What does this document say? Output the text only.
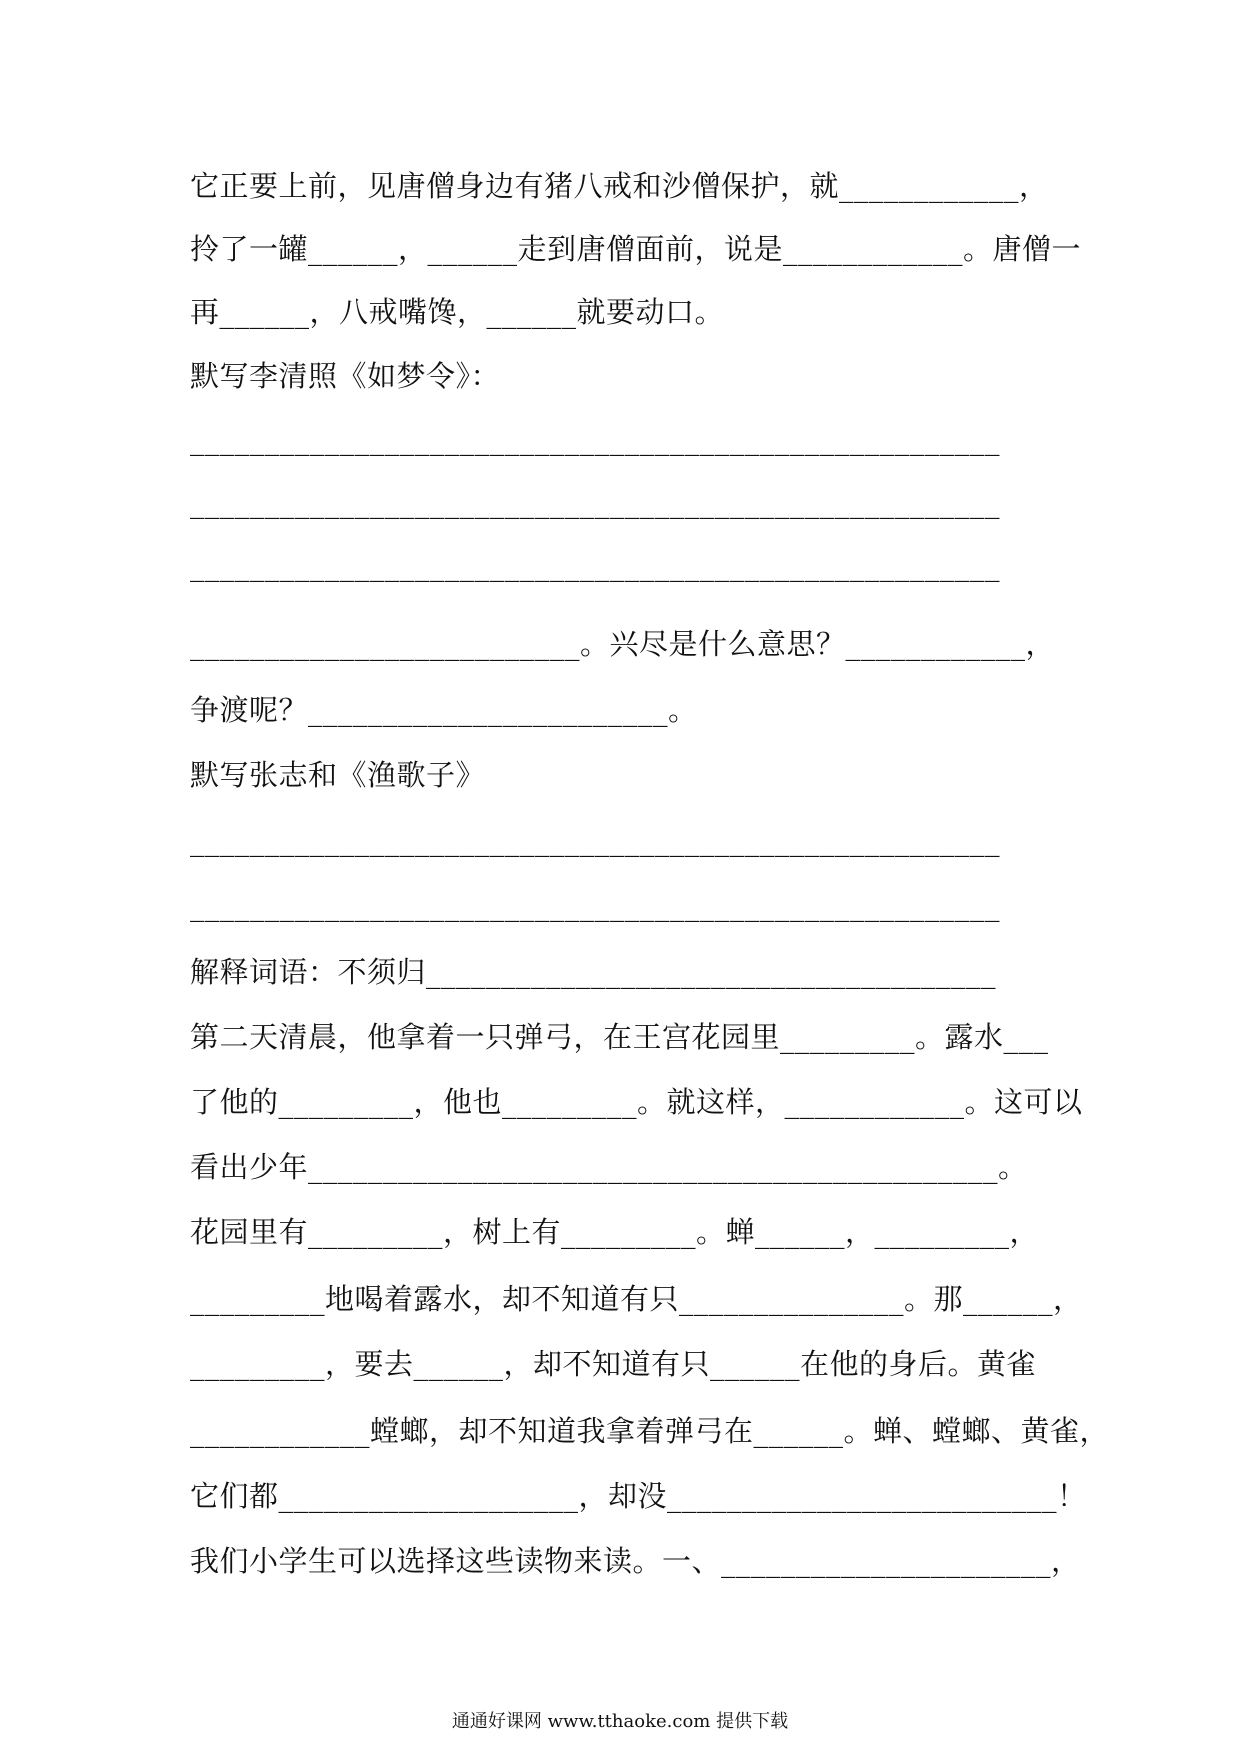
它正要上前，见唐僧身边有猪八戒和沙僧保护，就____________，
拎了一罐______，______走到唐僧面前，说是____________。唐僧一
再______，八戒嘴馋，______就要动口。
默写李清照《如梦令》：
______________________________________________________
______________________________________________________
______________________________________________________
__________________________。兴尽是什么意思？____________，
争渡呢？________________________。
默写张志和《渔歌子》
______________________________________________________
______________________________________________________
解释词语：不须归______________________________________
第二天清晨，他拿着一只弹弓，在王宫花园里_________。露水___
了他的_________，他也_________。就这样，____________。这可以
看出少年______________________________________________。
花园里有_________，树上有_________。蝉______，_________，
_________地喝着露水，却不知道有只_______________。那______，
_________，要去______，却不知道有只______在他的身后。黄雀
____________螳螂，却不知道我拿着弹弓在______。蝉、螳螂、黄雀，
它们都____________________，却没__________________________！
我们小学生可以选择这些读物来读。一、______________________，
通通好课网 www.tthaoke.com 提供下载
